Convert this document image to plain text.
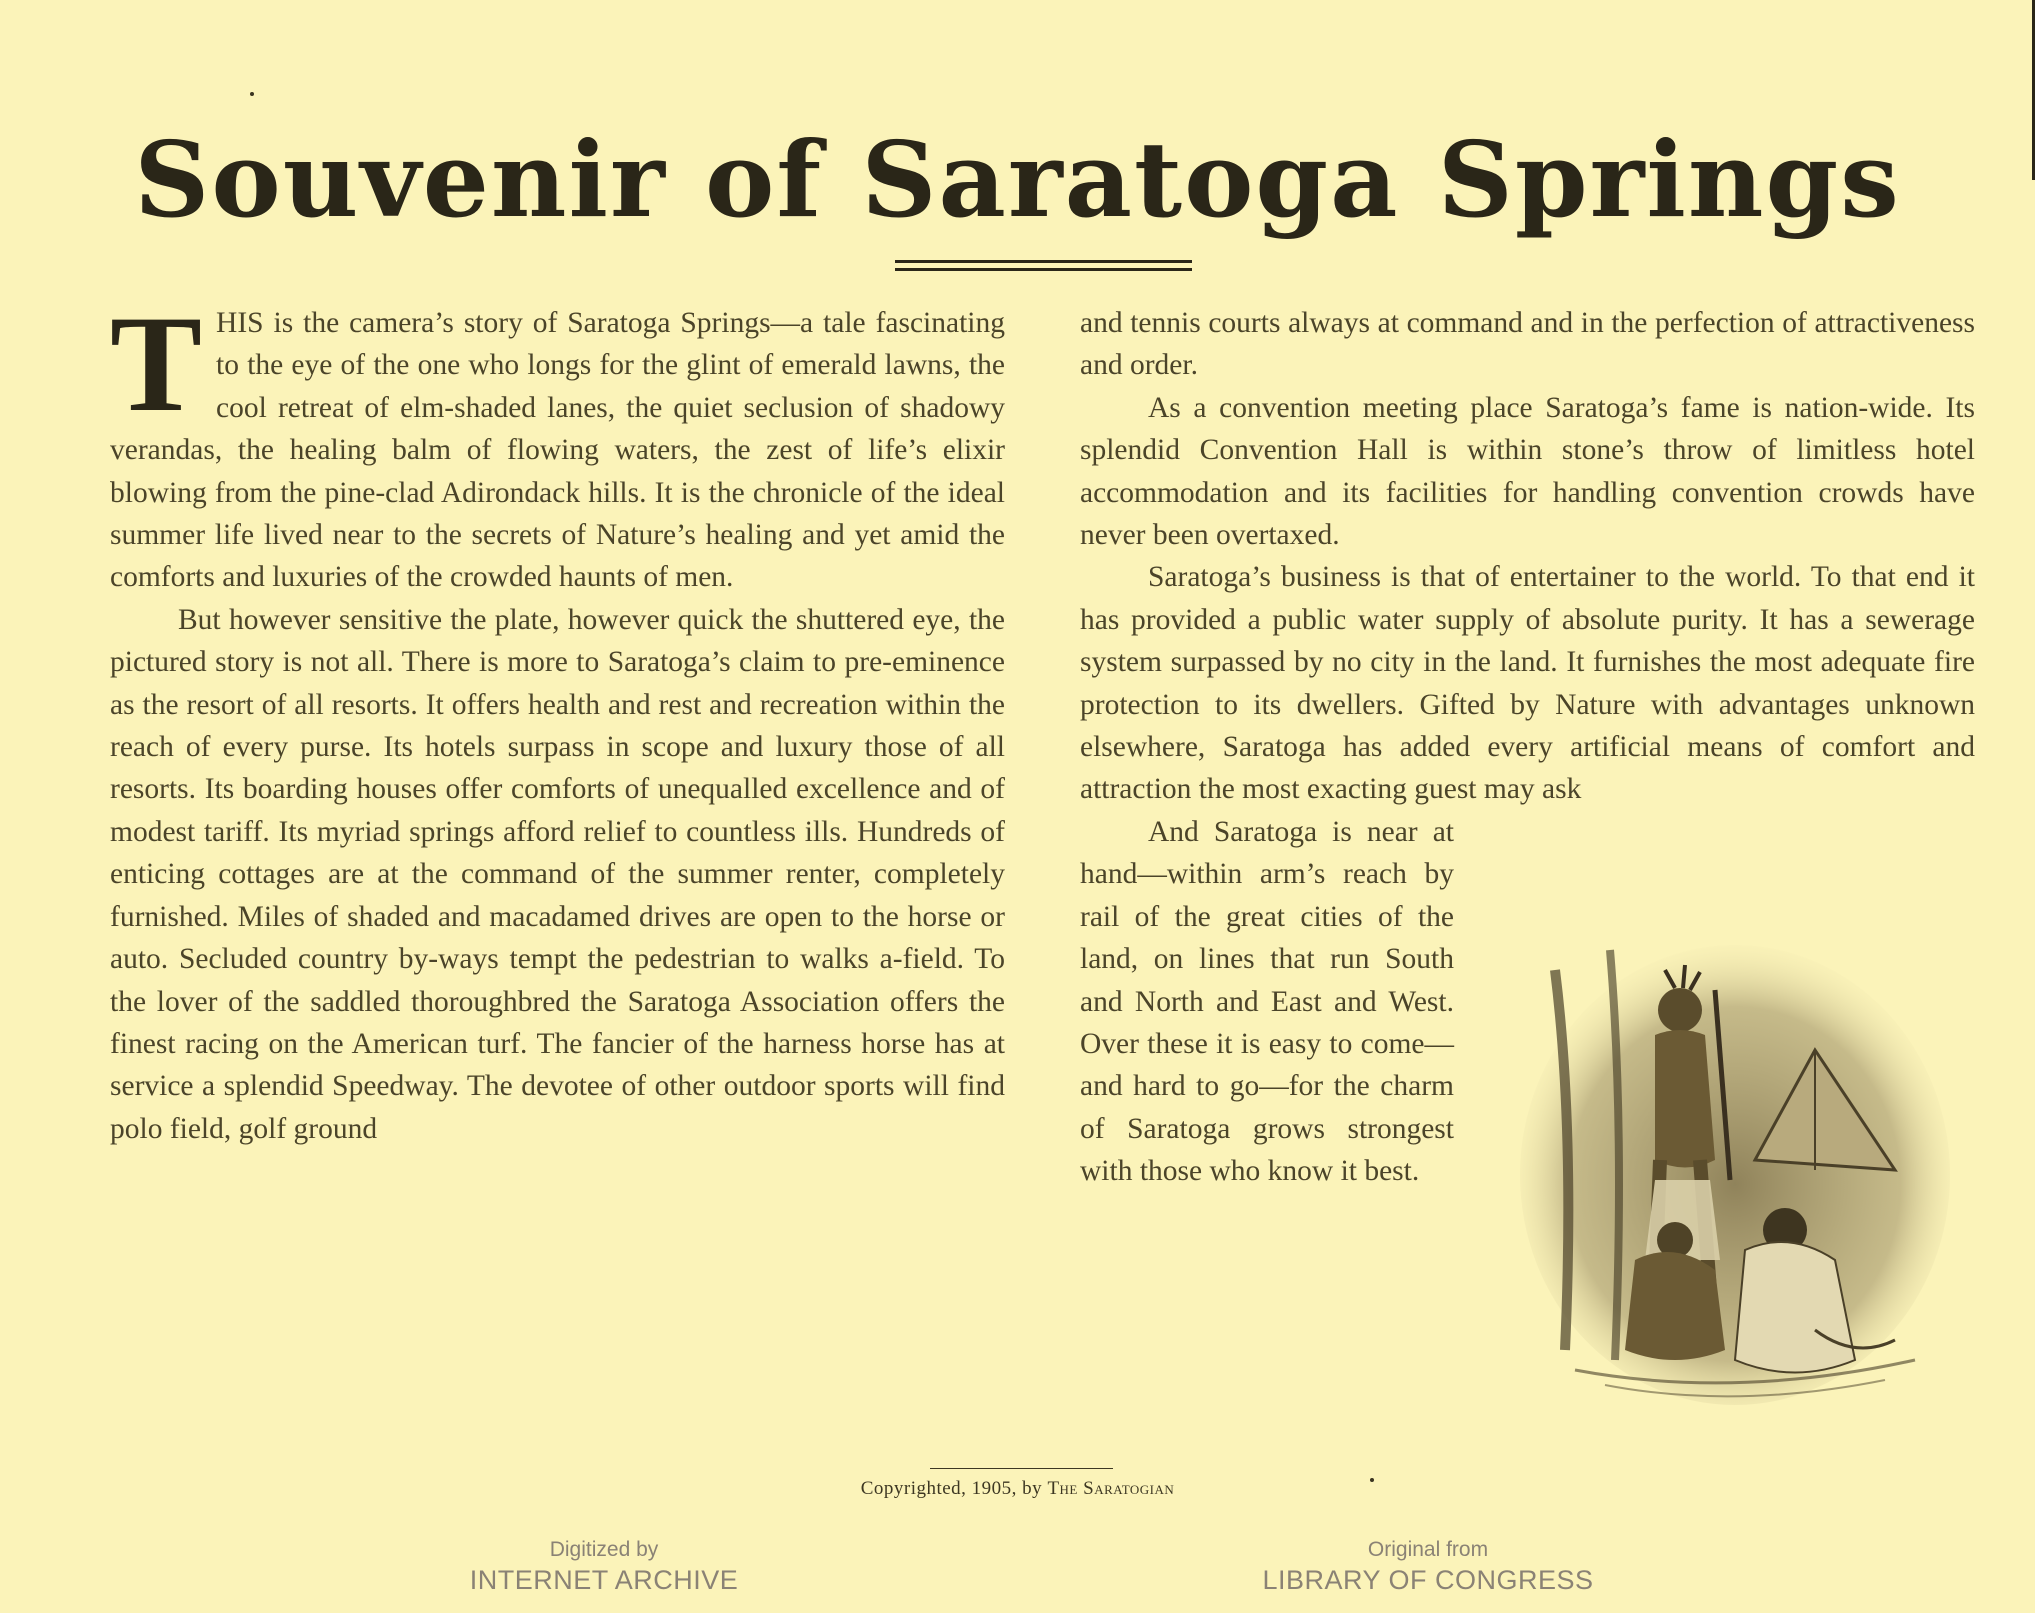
Souvenir of Saratoga Springs

THIS is the camera’s story of Saratoga Springs—a tale fascinating to the eye of the one who longs for the glint of emerald lawns, the cool retreat of elm-shaded lanes, the quiet seclusion of shadowy verandas, the healing balm of flowing waters, the zest of life’s elixir blowing from the pine-clad Adirondack hills. It is the chronicle of the ideal summer life lived near to the secrets of Nature’s healing and yet amid the comforts and luxuries of the crowded haunts of men.

But however sensitive the plate, however quick the shuttered eye, the pictured story is not all. There is more to Saratoga’s claim to pre-eminence as the resort of all resorts. It offers health and rest and recreation within the reach of every purse. Its hotels surpass in scope and luxury those of all resorts. Its boarding houses offer comforts of unequalled excellence and of modest tariff. Its myriad springs afford relief to countless ills. Hundreds of enticing cottages are at the command of the summer renter, completely furnished. Miles of shaded and macadamed drives are open to the horse or auto. Secluded country by-ways tempt the pedestrian to walks a-field. To the lover of the saddled thoroughbred the Saratoga Association offers the finest racing on the American turf. The fancier of the harness horse has at service a splendid Speedway. The devotee of other outdoor sports will find polo field, golf ground

and tennis courts always at command and in the perfection of attractiveness and order.

As a convention meeting place Saratoga’s fame is nation-wide. Its splendid Convention Hall is within stone’s throw of limitless hotel accommodation and its facilities for handling convention crowds have never been overtaxed.

Saratoga’s business is that of entertainer to the world. To that end it has provided a public water supply of absolute purity. It has a sewerage system surpassed by no city in the land. It furnishes the most adequate fire protection to its dwellers. Gifted by Nature with advantages unknown elsewhere, Saratoga has added every artificial means of comfort and attraction the most exacting guest may ask

And Saratoga is near at hand—within arm’s reach by rail of the great cities of the land, on lines that run South and North and East and West. Over these it is easy to come—and hard to go—for the charm of Saratoga grows strongest with those who know it best.

Copyrighted, 1905, by The Saratogian
Digitized by
INTERNET ARCHIVE
Original from
LIBRARY OF CONGRESS
